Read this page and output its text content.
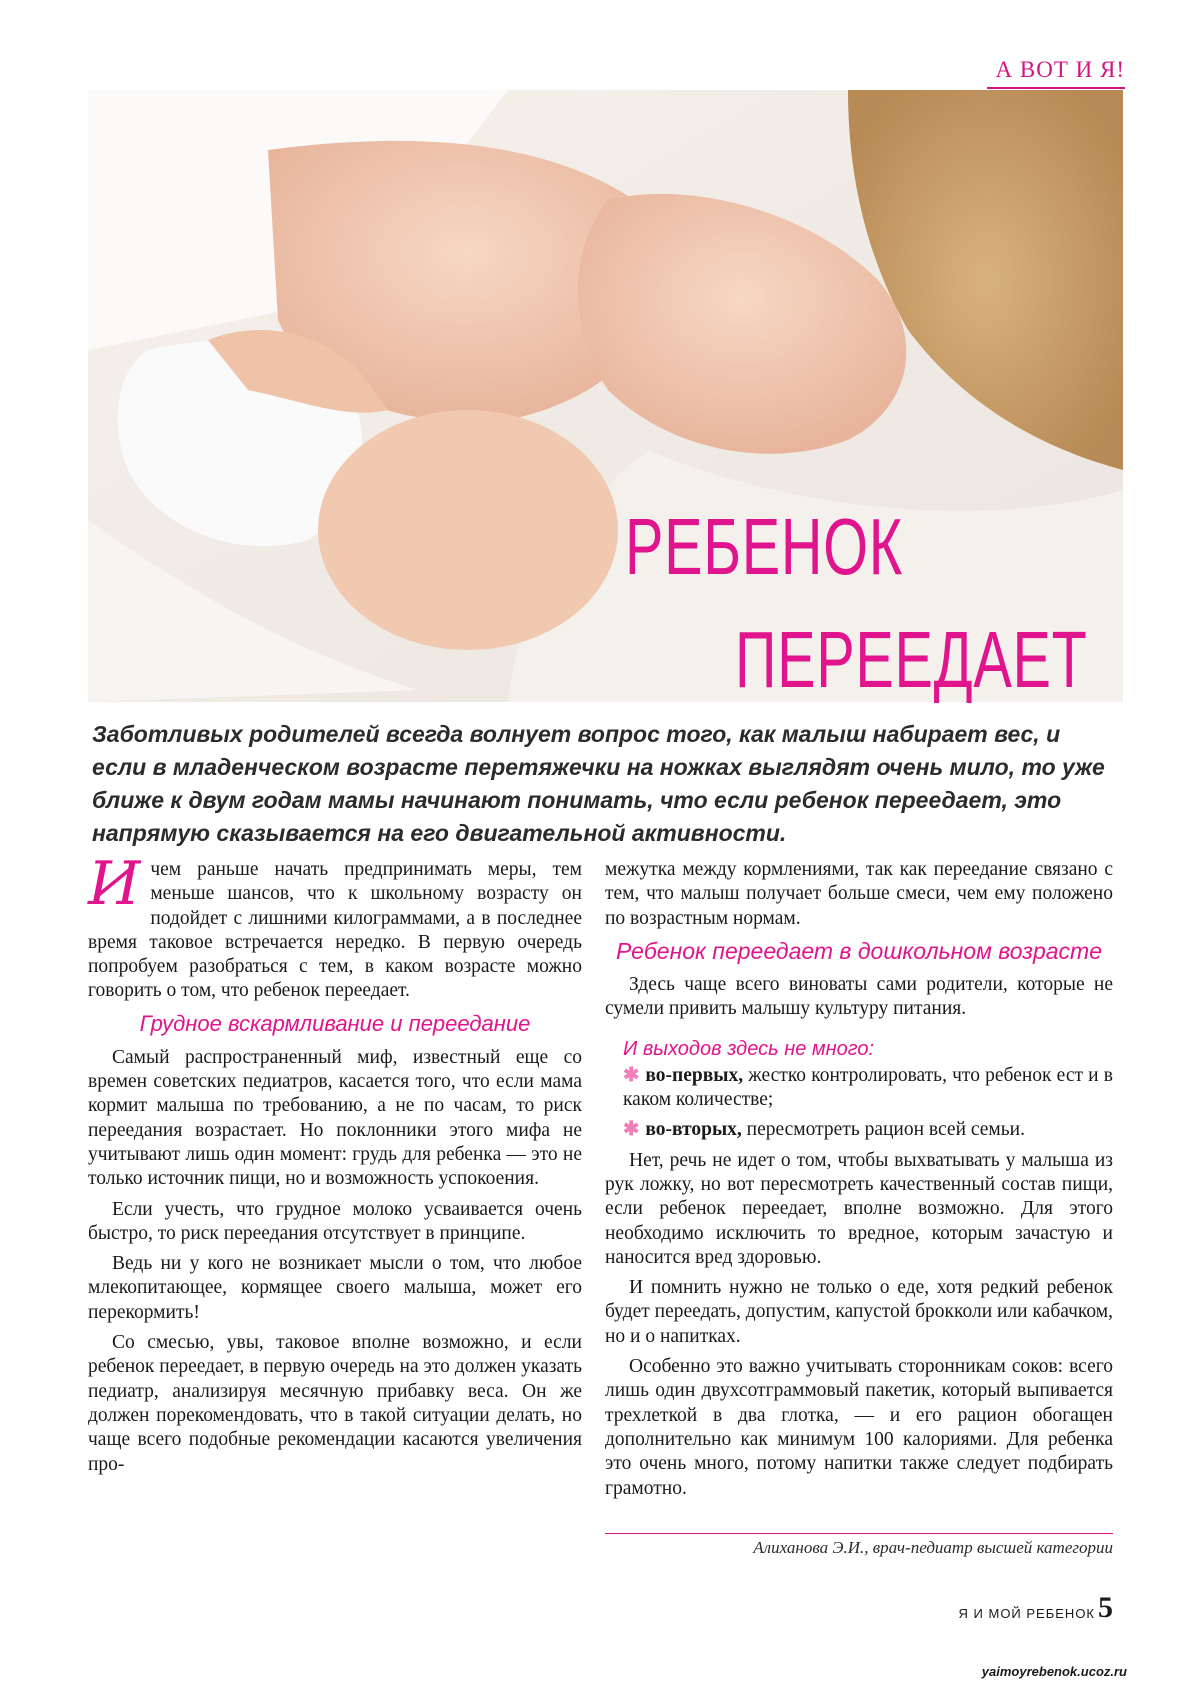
А ВОТ И Я!
РЕБЕНОК
ПЕРЕЕДАЕТ
Заботливых родителей всегда волнует вопрос того, как малыш набирает вес, и если в младенческом возрасте перетяжечки на ножках выглядят очень мило, то уже ближе к двум годам мамы начинают понимать, что если ребенок переедает, это напрямую сказывается на его двигательной активности.

Ичем раньше начать предпринимать меры, тем меньше шансов, что к школьному возрасту он подойдет с лишними килограммами, а в последнее время таковое встречается нередко. В первую очередь попробуем разобраться с тем, в каком возрасте можно говорить о том, что ребенок переедает.

Грудное вскармливание и переедание

Самый распространенный миф, известный еще со времен советских педиатров, касается того, что если мама кормит малыша по требованию, а не по часам, то риск переедания возрастает. Но поклонники этого мифа не учитывают лишь один момент: грудь для ребенка — это не только источник пищи, но и возможность успокоения.

Если учесть, что грудное молоко усваивается очень быстро, то риск переедания отсутствует в принципе.

Ведь ни у кого не возникает мысли о том, что любое млекопитающее, кормящее своего малыша, может его перекормить!

Со смесью, увы, таковое вполне возможно, и если ребенок переедает, в первую очередь на это должен указать педиатр, анализируя месячную прибавку веса. Он же должен порекомендовать, что в такой ситуации делать, но чаще всего подобные рекомендации касаются увеличения про-

межутка между кормлениями, так как переедание связано с тем, что малыш получает больше смеси, чем ему положено по возрастным нормам.

Ребенок переедает в дошкольном возрасте

Здесь чаще всего виноваты сами родители, которые не сумели привить малышу культуру питания.

И выходов здесь не много:

✱ во-первых, жестко контролировать, что ребенок ест и в каком количестве;

✱ во-вторых, пересмотреть рацион всей семьи.

Нет, речь не идет о том, чтобы выхватывать у малыша из рук ложку, но вот пересмотреть качественный состав пищи, если ребенок переедает, вполне возможно. Для этого необходимо исключить то вредное, которым зачастую и наносится вред здоровью.

И помнить нужно не только о еде, хотя редкий ребенок будет переедать, допустим, капустой брокколи или кабачком, но и о напитках.

Особенно это важно учитывать сторонникам соков: всего лишь один двухсотграммовый пакетик, который выпивается трехлеткой в два глотка, — и его рацион обогащен дополнительно как минимум 100 калориями. Для ребенка это очень много, потому напитки также следует подбирать грамотно.

Алиханова Э.И., врач-педиатр высшей категории
Я И МОЙ РЕБЕНОК 5
yaimoyrebenok.ucoz.ru
